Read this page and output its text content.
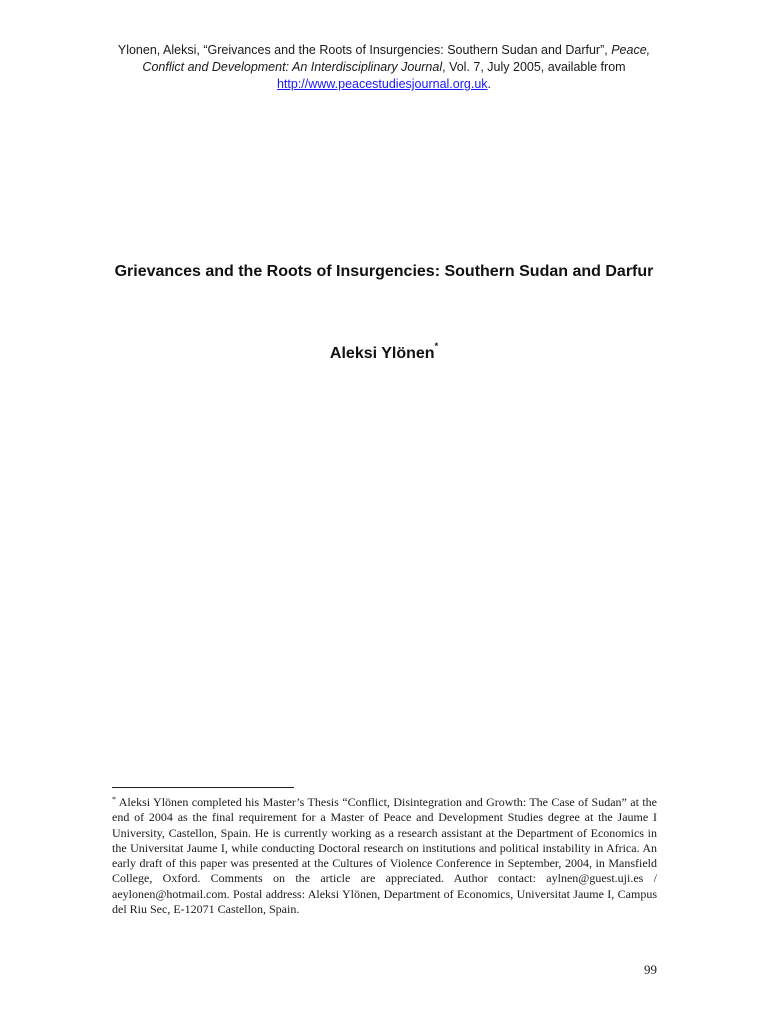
Ylonen, Aleksi, “Greivances and the Roots of Insurgencies: Southern Sudan and Darfur”, Peace,
Conflict and Development: An Interdisciplinary Journal, Vol. 7, July 2005, available from
http://www.peacestudiesjournal.org.uk.
Grievances and the Roots of Insurgencies: Southern Sudan and Darfur
Aleksi Ylönen*
* Aleksi Ylönen completed his Master’s Thesis “Conflict, Disintegration and Growth: The Case of Sudan” at the end of 2004 as the final requirement for a Master of Peace and Development Studies degree at the Jaume I University, Castellon, Spain. He is currently working as a research assistant at the Department of Economics in the Universitat Jaume I, while conducting Doctoral research on institutions and political instability in Africa. An early draft of this paper was presented at the Cultures of Violence Conference in September, 2004, in Mansfield College, Oxford. Comments on the article are appreciated. Author contact: aylnen@guest.uji.es / aeylonen@hotmail.com. Postal address: Aleksi Ylönen, Department of Economics, Universitat Jaume I, Campus del Riu Sec, E-12071 Castellon, Spain.
99
